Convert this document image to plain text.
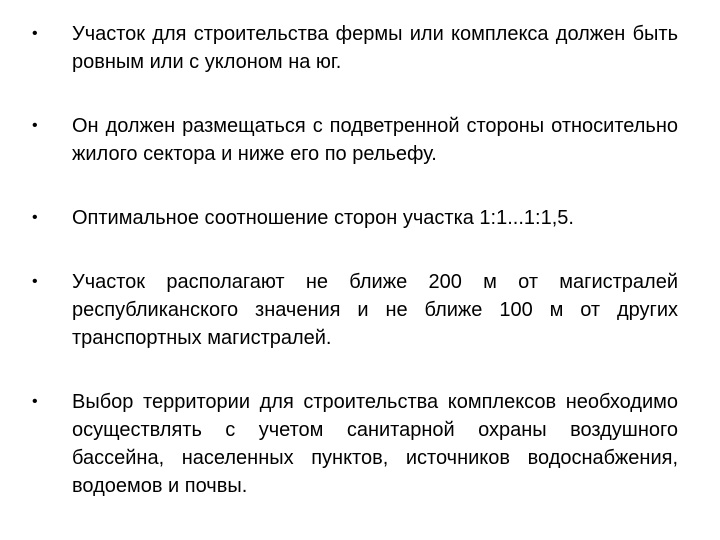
• Участок для строительства фермы или комплекса должен быть ровным или с уклоном на юг.
• Он должен размещаться с подветренной стороны относительно жилого сектора и ниже его по рельефу.
• Оптимальное соотношение сторон участка 1:1...1:1,5.
• Участок располагают не ближе 200 м от магистралей республиканского значения и не ближе 100 м от других транспортных магистралей.
• Выбор территории для строительства комплексов необходимо осуществлять с учетом санитарной охраны воздушного бассейна, населенных пунктов, источников водоснабжения, водоемов и почвы.
